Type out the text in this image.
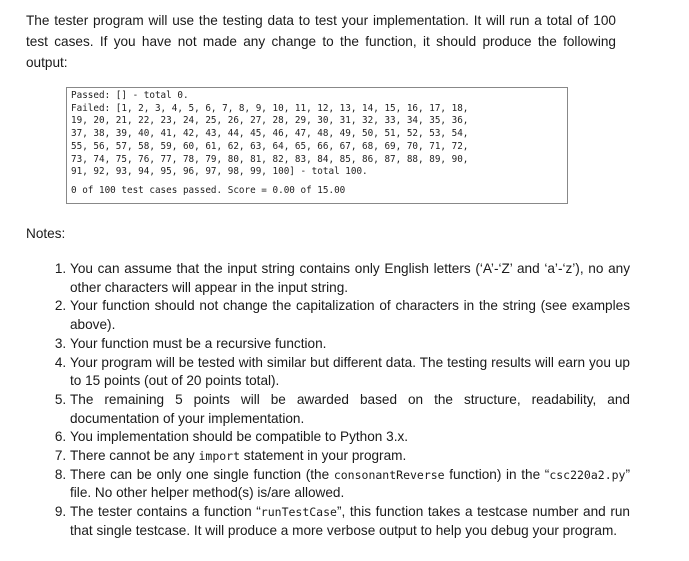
The tester program will use the testing data to test your implementation. It will run a total of 100 test cases. If you have not made any change to the function, it should produce the following output:
Passed: [] - total 0.
Failed: [1, 2, 3, 4, 5, 6, 7, 8, 9, 10, 11, 12, 13, 14, 15, 16, 17, 18,
19, 20, 21, 22, 23, 24, 25, 26, 27, 28, 29, 30, 31, 32, 33, 34, 35, 36,
37, 38, 39, 40, 41, 42, 43, 44, 45, 46, 47, 48, 49, 50, 51, 52, 53, 54,
55, 56, 57, 58, 59, 60, 61, 62, 63, 64, 65, 66, 67, 68, 69, 70, 71, 72,
73, 74, 75, 76, 77, 78, 79, 80, 81, 82, 83, 84, 85, 86, 87, 88, 89, 90,
91, 92, 93, 94, 95, 96, 97, 98, 99, 100] - total 100.
0 of 100 test cases passed. Score = 0.00 of 15.00
Notes:
1. You can assume that the input string contains only English letters (‘A’-‘Z’ and ‘a’-‘z’), no any other characters will appear in the input string.
2. Your function should not change the capitalization of characters in the string (see examples above).
3. Your function must be a recursive function.
4. Your program will be tested with similar but different data. The testing results will earn you up to 15 points (out of 20 points total).
5. The remaining 5 points will be awarded based on the structure, readability, and documentation of your implementation.
6. You implementation should be compatible to Python 3.x.
7. There cannot be any import statement in your program.
8. There can be only one single function (the consonantReverse function) in the “csc220a2.py” file. No other helper method(s) is/are allowed.
9. The tester contains a function “runTestCase”, this function takes a testcase number and run that single testcase. It will produce a more verbose output to help you debug your program.
